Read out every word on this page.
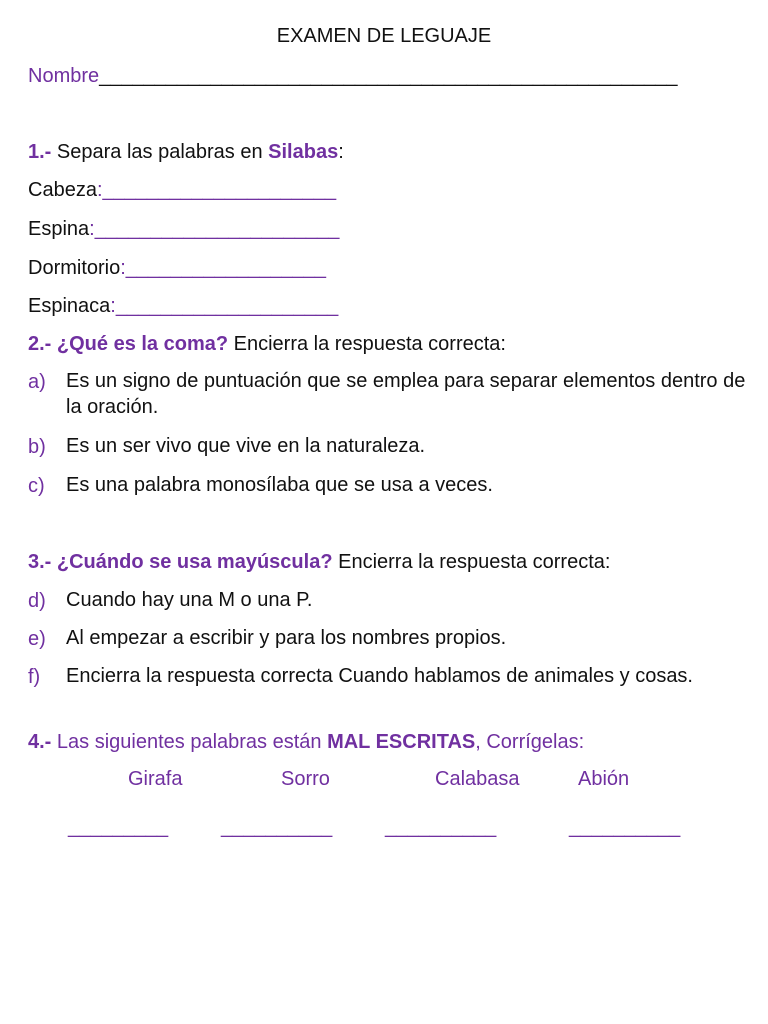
EXAMEN DE LEGUAJE
Nombre____________________________________________________
1.- Separa las palabras en Silabas:
Cabeza:_____________________
Espina:______________________
Dormitorio:__________________
Espinaca:____________________
2.- ¿Qué es la coma? Encierra la respuesta correcta:
a) Es un signo de puntuación que se emplea para separar elementos dentro de la oración.
b) Es un ser vivo que vive en la naturaleza.
c) Es una palabra monosílaba que se usa a veces.
3.- ¿Cuándo se usa mayúscula? Encierra la respuesta correcta:
d) Cuando hay una M o una P.
e) Al empezar a escribir y para los nombres propios.
f) Encierra la respuesta correcta Cuando hablamos de animales y cosas.
4.- Las siguientes palabras están MAL ESCRITAS, Corrígelas:
Girafa	Sorro	Calabasa	Abión
_________	__________	__________	__________
